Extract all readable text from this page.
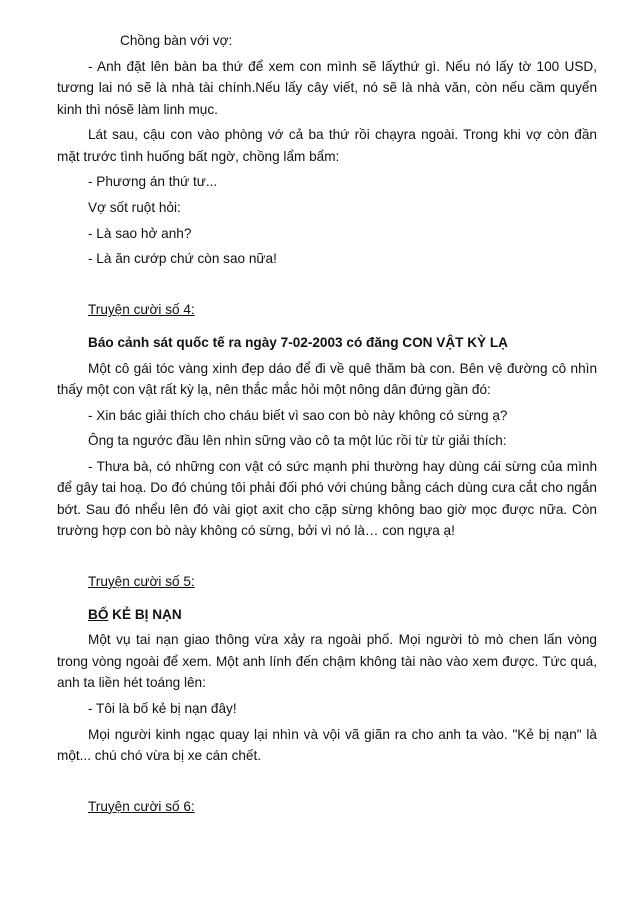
Chồng bàn với vợ:

- Anh đặt lên bàn ba thứ để xem con mình sẽ lấythứ gì. Nếu nó lấy tờ 100 USD, tương lai nó sẽ là nhà tài chính.Nếu lấy cây viết, nó sẽ là nhà văn, còn nếu cầm quyển kinh thì nósẽ làm linh mục.

Lát sau, cậu con vào phòng vớ cả ba thứ rồi chạyra ngoài. Trong khi vợ còn đần mặt trước tình huống bất ngờ, chồng lẩm bẩm:

- Phương án thứ tư...

Vợ sốt ruột hỏi:

- Là sao hở anh?

- Là ăn cướp chứ còn sao nữa!

Truyện cười số 4:

Báo cảnh sát quốc tế ra ngày 7-02-2003 có đăng CON VẬT KỲ LẠ

Một cô gái tóc vàng xinh đẹp dáo để đi về quê thăm bà con. Bên vệ đường cô nhìn thấy một con vật rất kỳ lạ, nên thắc mắc hỏi một nông dân đứng gần đó:

- Xin bác giải thích cho cháu biết vì sao con bò này không có sừng ạ?

Ông ta ngước đầu lên nhìn sững vào cô ta một lúc rồi từ từ giải thích:

- Thưa bà, có những con vật có sức mạnh phi thường hay dùng cái sừng của mình để gây tai hoạ. Do đó chúng tôi phải đối phó với chúng bằng cách dùng cưa cắt cho ngắn bớt. Sau đó nhểu lên đó vài giọt axit cho cặp sừng không bao giờ mọc được nữa. Còn trường hợp con bò này không có sừng, bởi vì nó là… con ngựa ạ!

Truyện cười số 5:

BỐ KẺ BỊ NẠN

Một vụ tai nạn giao thông vừa xảy ra ngoài phố. Mọi người tò mò chen lấn vòng trong vòng ngoài để xem. Một anh lính đến chậm không tài nào vào xem được. Tức quá, anh ta liền hét toáng lên:

- Tôi là bố kẻ bị nạn đây!

Mọi người kinh ngạc quay lại nhìn và vội vã giãn ra cho anh ta vào. "Kẻ bị nạn" là một... chú chó vừa bị xe cán chết.

Truyện cười số 6:
